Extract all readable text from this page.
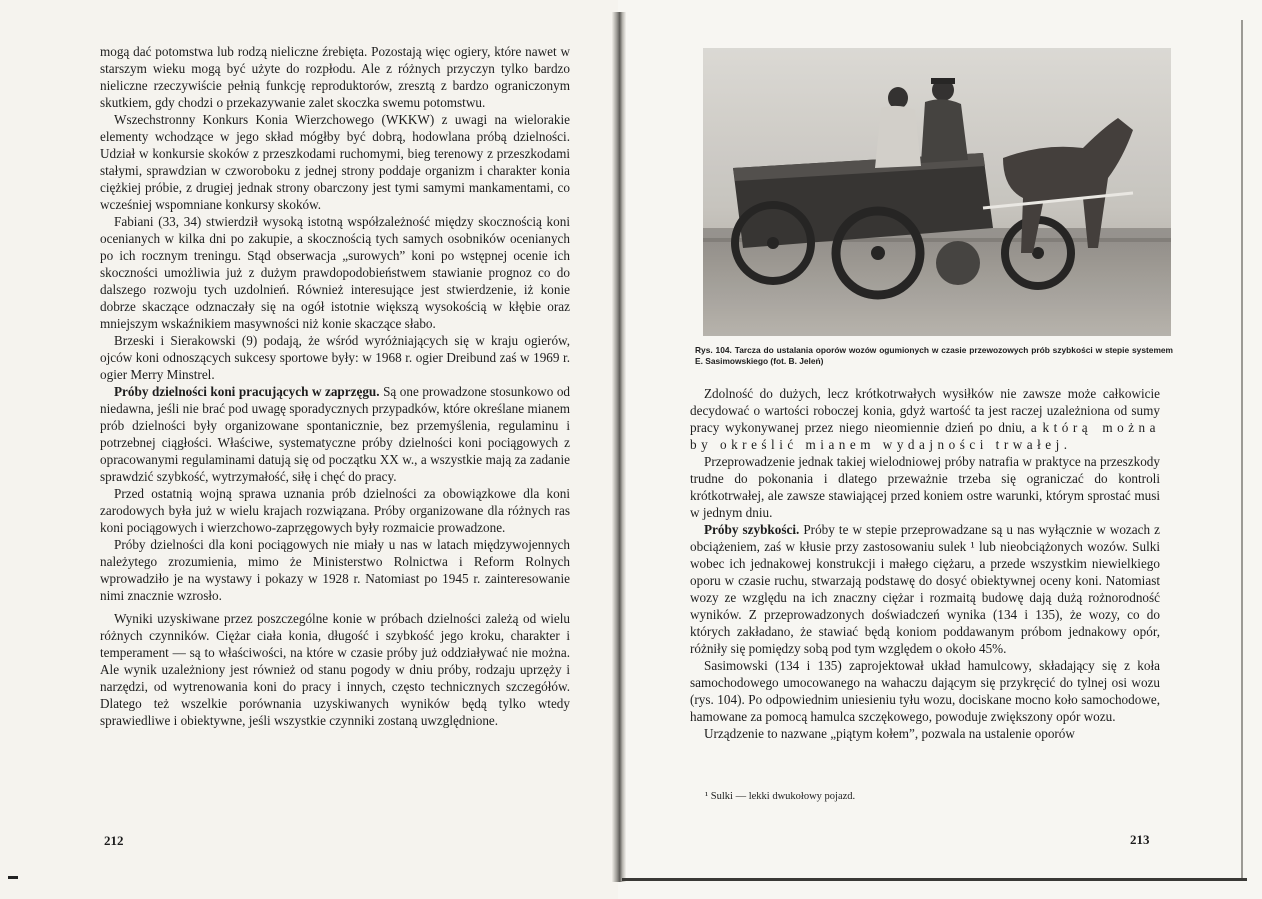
mogą dać potomstwa lub rodzą nieliczne źrebięta. Pozostają więc ogiery, które nawet w starszym wieku mogą być użyte do rozpłodu. Ale z różnych przyczyn tylko bardzo nieliczne rzeczywiście pełnią funkcję reproduktorów, zresztą z bardzo ograniczonym skutkiem, gdy chodzi o przekazywanie zalet skoczka swemu potomstwu.

Wszechstronny Konkurs Konia Wierzchowego (WKKW) z uwagi na wielorakie elementy wchodzące w jego skład mógłby być dobrą, hodowlana próbą dzielności. Udział w konkursie skoków z przeszkodami ruchomymi, bieg terenowy z przeszkodami stałymi, sprawdzian w czworoboku z jednej strony poddaje organizm i charakter konia ciężkiej próbie, z drugiej jednak strony obarczony jest tymi samymi mankamentami, co wcześniej wspomniane konkursy skoków.

Fabiani (33, 34) stwierdził wysoką istotną współzależność między skocznością koni ocenianych w kilka dni po zakupie, a skocznością tych samych osobników ocenianych po ich rocznym treningu. Stąd obserwacja „surowych” koni po wstępnej ocenie ich skoczności umożliwia już z dużym prawdopodobieństwem stawianie prognoz co do dalszego rozwoju tych uzdolnień. Również interesujące jest stwierdzenie, iż konie dobrze skaczące odznaczały się na ogół istotnie większą wysokością w kłębie oraz mniejszym wskaźnikiem masywności niż konie skaczące słabo.

Brzeski i Sierakowski (9) podają, że wśród wyróżniających się w kraju ogierów, ojców koni odnoszących sukcesy sportowe były: w 1968 r. ogier Dreibund zaś w 1969 r. ogier Merry Minstrel.

Próby dzielności koni pracujących w zaprzęgu. Są one prowadzone stosunkowo od niedawna, jeśli nie brać pod uwagę sporadycznych przypadków, które określane mianem prób dzielności były organizowane spontanicznie, bez przemyślenia, regulaminu i potrzebnej ciągłości. Właściwe, systematyczne próby dzielności koni pociągowych z opracowanymi regulaminami datują się od początku XX w., a wszystkie mają za zadanie sprawdzić szybkość, wytrzymałość, siłę i chęć do pracy.

Przed ostatnią wojną sprawa uznania prób dzielności za obowiązkowe dla koni zarodowych była już w wielu krajach rozwiązana. Próby organizowane dla różnych ras koni pociągowych i wierzchowo-zaprzęgowych były rozmaicie prowadzone.

Próby dzielności dla koni pociągowych nie miały u nas w latach międzywojennych należytego zrozumienia, mimo że Ministerstwo Rolnictwa i Reform Rolnych wprowadziło je na wystawy i pokazy w 1928 r. Natomiast po 1945 r. zainteresowanie nimi znacznie wzrosło.

Wyniki uzyskiwane przez poszczególne konie w próbach dzielności zależą od wielu różnych czynników. Ciężar ciała konia, długość i szybkość jego kroku, charakter i temperament — są to właściwości, na które w czasie próby już oddziaływać nie można. Ale wynik uzależniony jest również od stanu pogody w dniu próby, rodzaju uprzęży i narzędzi, od wytrenowania koni do pracy i innych, często technicznych szczegółów. Dlatego też wszelkie porównania uzyskiwanych wyników będą tylko wtedy sprawiedliwe i obiektywne, jeśli wszystkie czynniki zostaną uwzględnione.

212
Rys. 104. Tarcza do ustalania oporów wozów ogumionych w czasie przewozowych prób szybkości w stepie systemem E. Sasimowskiego (fot. B. Jeleń)

Zdolność do dużych, lecz krótkotrwałych wysiłków nie zawsze może całkowicie decydować o wartości roboczej konia, gdyż wartość ta jest raczej uzależniona od sumy pracy wykonywanej przez niego nieomiennie dzień po dniu, a którą można by określić mianem wydajności trwałej.

Przeprowadzenie jednak takiej wielodniowej próby natrafia w praktyce na przeszkody trudne do pokonania i dlatego przeważnie trzeba się ograniczać do kontroli krótkotrwałej, ale zawsze stawiającej przed koniem ostre warunki, którym sprostać musi w jednym dniu.

Próby szybkości. Próby te w stepie przeprowadzane są u nas wyłącznie w wozach z obciążeniem, zaś w kłusie przy zastosowaniu sulek ¹ lub nieobciążonych wozów. Sulki wobec ich jednakowej konstrukcji i małego ciężaru, a przede wszystkim niewielkiego oporu w czasie ruchu, stwarzają podstawę do dosyć obiektywnej oceny koni. Natomiast wozy ze względu na ich znaczny ciężar i rozmaitą budowę dają dużą rożnorodność wyników. Z przeprowadzonych doświadczeń wynika (134 i 135), że wozy, co do których zakładano, że stawiać będą koniom poddawanym próbom jednakowy opór, różniły się pomiędzy sobą pod tym względem o około 45%.

Sasimowski (134 i 135) zaprojektował układ hamulcowy, składający się z koła samochodowego umocowanego na wahaczu dającym się przykręcić do tylnej osi wozu (rys. 104). Po odpowiednim uniesieniu tyłu wozu, dociskane mocno koło samochodowe, hamowane za pomocą hamulca szczękowego, powoduje zwiększony opór wozu.

Urządzenie to nazwane „piątym kołem”, pozwala na ustalenie oporów

¹ Sulki — lekki dwukołowy pojazd.
213
